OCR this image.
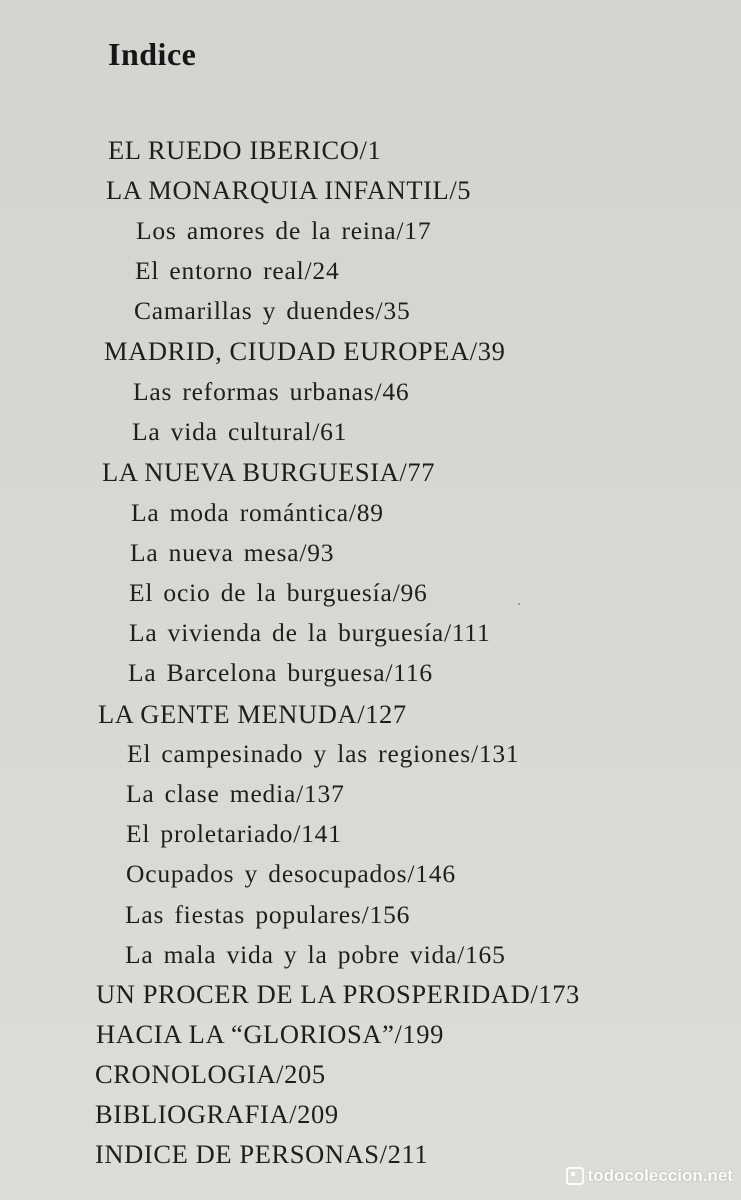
Indice
EL RUEDO IBERICO/1
LA MONARQUIA INFANTIL/5
Los amores de la reina/17
El entorno real/24
Camarillas y duendes/35
MADRID, CIUDAD EUROPEA/39
Las reformas urbanas/46
La vida cultural/61
LA NUEVA BURGUESIA/77
La moda romántica/89
La nueva mesa/93
El ocio de la burguesía/96
La vivienda de la burguesía/111
La Barcelona burguesa/116
LA GENTE MENUDA/127
El campesinado y las regiones/131
La clase media/137
El proletariado/141
Ocupados y desocupados/146
Las fiestas populares/156
La mala vida y la pobre vida/165
UN PROCER DE LA PROSPERIDAD/173
HACIA LA “GLORIOSA”/199
CRONOLOGIA/205
BIBLIOGRAFIA/209
INDICE DE PERSONAS/211
todocoleccion.net
